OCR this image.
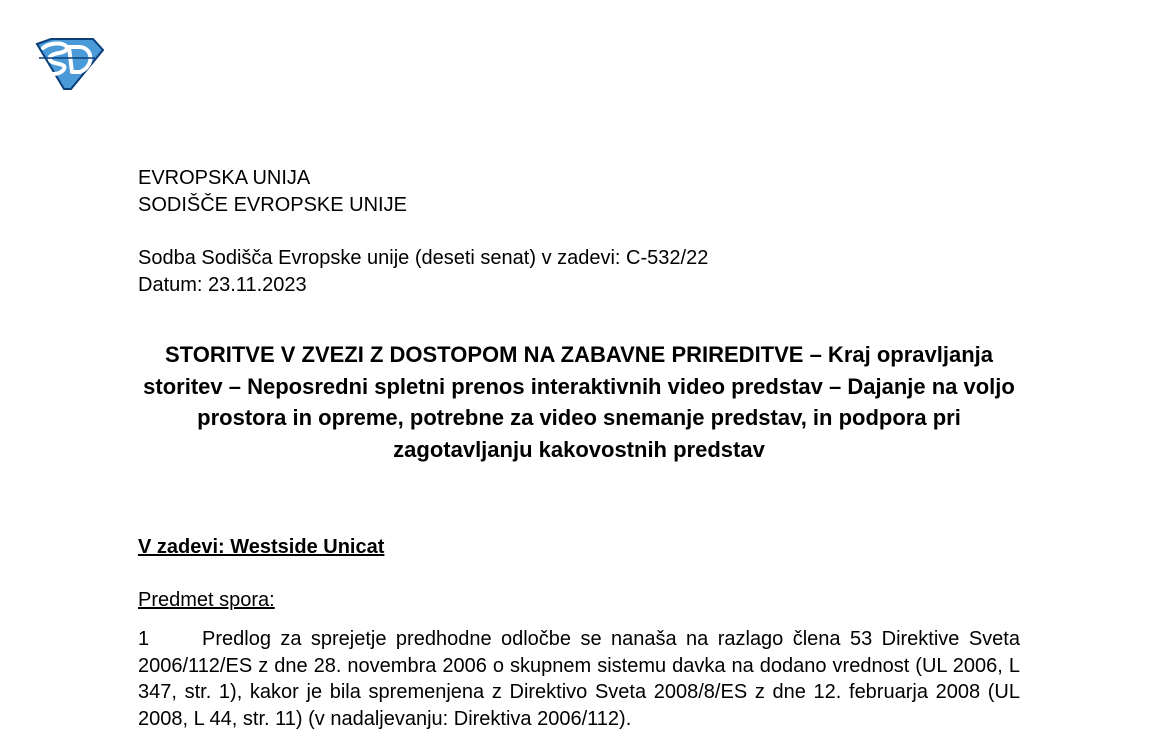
EVROPSKA UNIJA
SODIŠČE EVROPSKE UNIJE
Sodba Sodišča Evropske unije (deseti senat) v zadevi: C-532/22
Datum: 23.11.2023
STORITVE V ZVEZI Z DOSTOPOM NA ZABAVNE PRIREDITVE – Kraj opravljanja storitev – Neposredni spletni prenos interaktivnih video predstav – Dajanje na voljo prostora in opreme, potrebne za video snemanje predstav, in podpora pri zagotavljanju kakovostnih predstav
V zadevi: Westside Unicat
Predmet spora:
1	Predlog za sprejetje predhodne odločbe se nanaša na razlago člena 53 Direktive Sveta 2006/112/ES z dne 28. novembra 2006 o skupnem sistemu davka na dodano vrednost (UL 2006, L 347, str. 1), kakor je bila spremenjena z Direktivo Sveta 2008/8/ES z dne 12. februarja 2008 (UL 2008, L 44, str. 11) (v nadaljevanju: Direktiva 2006/112).
